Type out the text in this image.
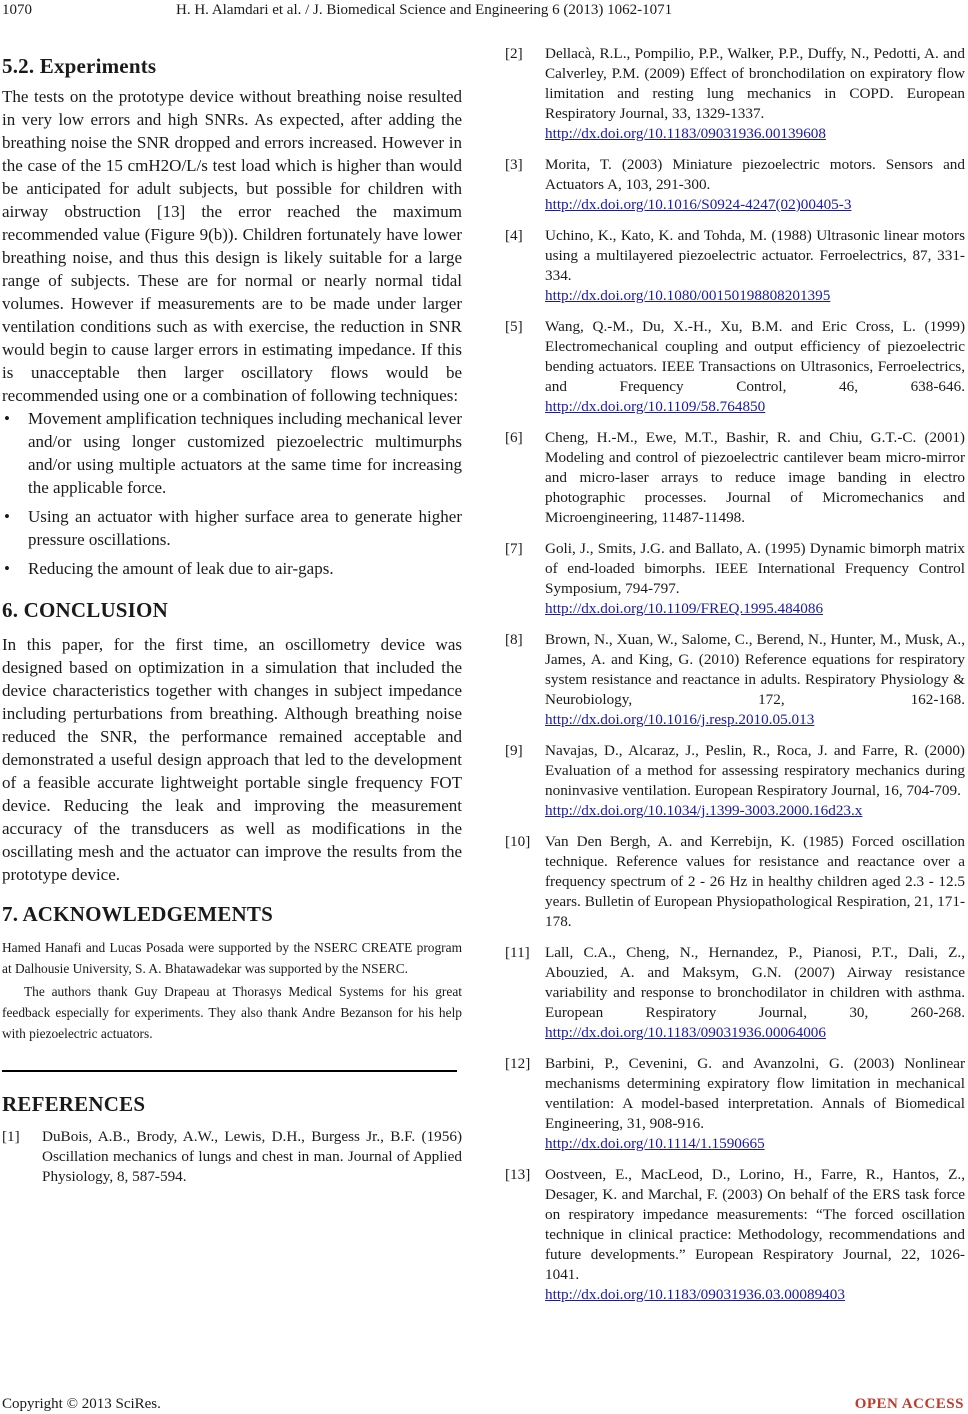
1070	H. H. Alamdari et al. / J. Biomedical Science and Engineering 6 (2013) 1062-1071
5.2. Experiments

The tests on the prototype device without breathing noise resulted in very low errors and high SNRs. As expected, after adding the breathing noise the SNR dropped and errors increased. However in the case of the 15 cmH2O/L/s test load which is higher than would be anticipated for adult subjects, but possible for children with airway obstruction [13] the error reached the maximum recommended value (Figure 9(b)). Children fortunately have lower breathing noise, and thus this design is likely suitable for a large range of subjects. These are for normal or nearly normal tidal volumes. However if measurements are to be made under larger ventilation conditions such as with exercise, the reduction in SNR would begin to cause larger errors in estimating impedance. If this is unacceptable then larger oscillatory flows would be recommended using one or a combination of following techniques:

• Movement amplification techniques including mechanical lever and/or using longer customized piezoelectric multimurphs and/or using multiple actuators at the same time for increasing the applicable force.
• Using an actuator with higher surface area to generate higher pressure oscillations.
• Reducing the amount of leak due to air-gaps.
6. CONCLUSION

In this paper, for the first time, an oscillometry device was designed based on optimization in a simulation that included the device characteristics together with changes in subject impedance including perturbations from breathing. Although breathing noise reduced the SNR, the performance remained acceptable and demonstrated a useful design approach that led to the development of a feasible accurate lightweight portable single frequency FOT device. Reducing the leak and improving the measurement accuracy of the transducers as well as modifications in the oscillating mesh and the actuator can improve the results from the prototype device.

7. ACKNOWLEDGEMENTS

Hamed Hanafi and Lucas Posada were supported by the NSERC CREATE program at Dalhousie University, S. A. Bhatawadekar was supported by the NSERC.

The authors thank Guy Drapeau at Thorasys Medical Systems for his great feedback especially for experiments. They also thank Andre Bezanson for his help with piezoelectric actuators.

REFERENCES
[1] DuBois, A.B., Brody, A.W., Lewis, D.H., Burgess Jr., B.F. (1956) Oscillation mechanics of lungs and chest in man. Journal of Applied Physiology, 8, 587-594.
[2] Dellacà, R.L., Pompilio, P.P., Walker, P.P., Duffy, N., Pedotti, A. and Calverley, P.M. (2009) Effect of bronchodilation on expiratory flow limitation and resting lung mechanics in COPD. European Respiratory Journal, 33, 1329-1337.
http://dx.doi.org/10.1183/09031936.00139608
[3] Morita, T. (2003) Miniature piezoelectric motors. Sensors and Actuators A, 103, 291-300.
http://dx.doi.org/10.1016/S0924-4247(02)00405-3
[4] Uchino, K., Kato, K. and Tohda, M. (1988) Ultrasonic linear motors using a multilayered piezoelectric actuator. Ferroelectrics, 87, 331-334.
http://dx.doi.org/10.1080/00150198808201395
[5] Wang, Q.-M., Du, X.-H., Xu, B.M. and Eric Cross, L. (1999) Electromechanical coupling and output efficiency of piezoelectric bending actuators. IEEE Transactions on Ultrasonics, Ferroelectrics, and Frequency Control, 46, 638-646. http://dx.doi.org/10.1109/58.764850
[6] Cheng, H.-M., Ewe, M.T., Bashir, R. and Chiu, G.T.-C. (2001) Modeling and control of piezoelectric cantilever beam micro-mirror and micro-laser arrays to reduce image banding in electro photographic processes. Journal of Micromechanics and Microengineering, 11487-11498.
[7] Goli, J., Smits, J.G. and Ballato, A. (1995) Dynamic bimorph matrix of end-loaded bimorphs. IEEE International Frequency Control Symposium, 794-797.
http://dx.doi.org/10.1109/FREQ.1995.484086
[8] Brown, N., Xuan, W., Salome, C., Berend, N., Hunter, M., Musk, A., James, A. and King, G. (2010) Reference equations for respiratory system resistance and reactance in adults. Respiratory Physiology & Neurobiology, 172, 162-168. http://dx.doi.org/10.1016/j.resp.2010.05.013
[9] Navajas, D., Alcaraz, J., Peslin, R., Roca, J. and Farre, R. (2000) Evaluation of a method for assessing respiratory mechanics during noninvasive ventilation. European Respiratory Journal, 16, 704-709.
http://dx.doi.org/10.1034/j.1399-3003.2000.16d23.x
[10] Van Den Bergh, A. and Kerrebijn, K. (1985) Forced oscillation technique. Reference values for resistance and reactance over a frequency spectrum of 2 - 26 Hz in healthy children aged 2.3 - 12.5 years. Bulletin of European Physiopathological Respiration, 21, 171-178.
[11] Lall, C.A., Cheng, N., Hernandez, P., Pianosi, P.T., Dali, Z., Abouzied, A. and Maksym, G.N. (2007) Airway resistance variability and response to bronchodilator in children with asthma. European Respiratory Journal, 30, 260-268. http://dx.doi.org/10.1183/09031936.00064006
[12] Barbini, P., Cevenini, G. and Avanzolni, G. (2003) Nonlinear mechanisms determining expiratory flow limitation in mechanical ventilation: A model-based interpretation. Annals of Biomedical Engineering, 31, 908-916.
http://dx.doi.org/10.1114/1.1590665
[13] Oostveen, E., MacLeod, D., Lorino, H., Farre, R., Hantos, Z., Desager, K. and Marchal, F. (2003) On behalf of the ERS task force on respiratory impedance measurements: “The forced oscillation technique in clinical practice: Methodology, recommendations and future developments.” European Respiratory Journal, 22, 1026-1041.
http://dx.doi.org/10.1183/09031936.03.00089403
Copyright © 2013 SciRes.	OPEN ACCESS
